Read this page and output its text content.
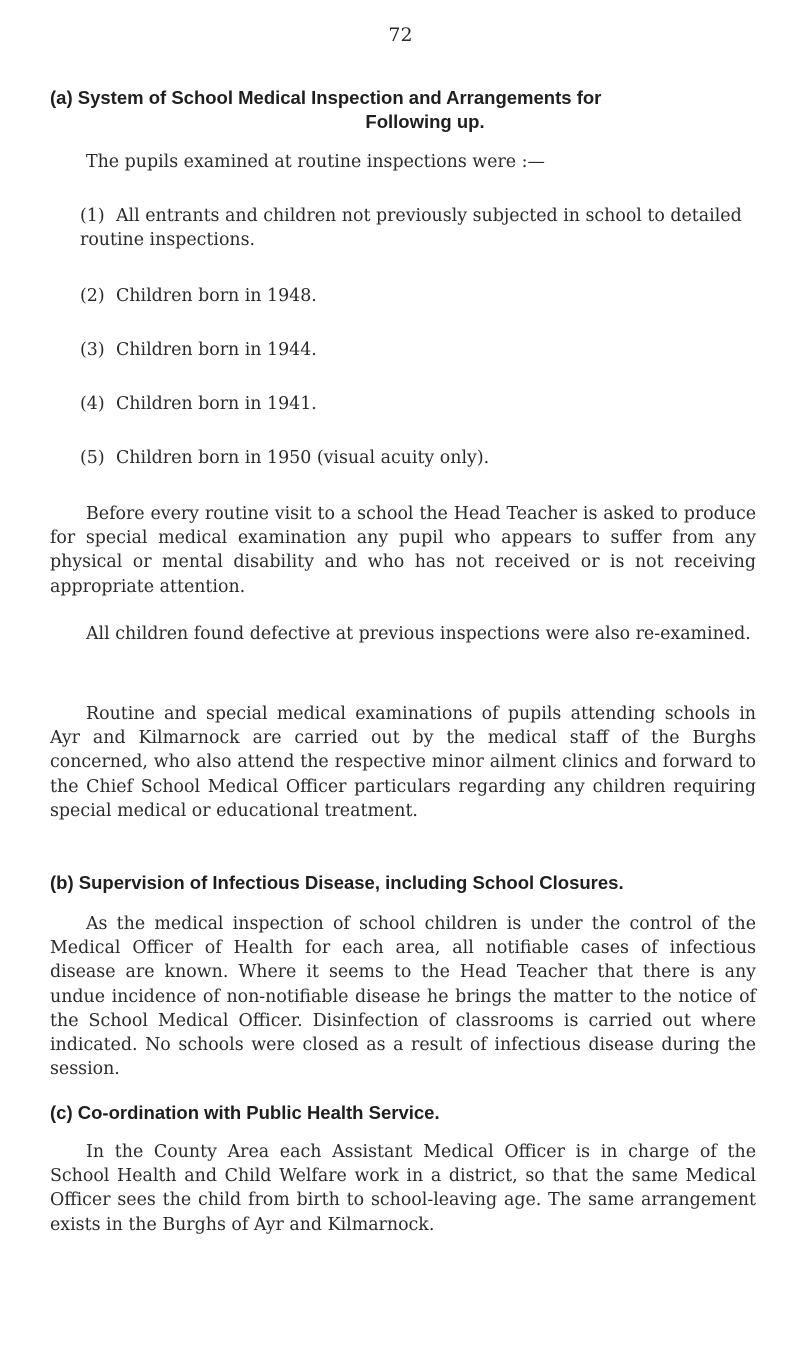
72
(a) System of School Medical Inspection and Arrangements for
Following up.
The pupils examined at routine inspections were :—
(1) All entrants and children not previously subjected in school to detailed routine inspections.
(2) Children born in 1948.
(3) Children born in 1944.
(4) Children born in 1941.
(5) Children born in 1950 (visual acuity only).
Before every routine visit to a school the Head Teacher is asked to produce for special medical examination any pupil who appears to suffer from any physical or mental disability and who has not received or is not receiving appropriate attention.
All children found defective at previous inspections were also re-examined.
Routine and special medical examinations of pupils attending schools in Ayr and Kilmarnock are carried out by the medical staff of the Burghs concerned, who also attend the respective minor ailment clinics and forward to the Chief School Medical Officer particulars regarding any children requiring special medical or educational treatment.
(b) Supervision of Infectious Disease, including School Closures.
As the medical inspection of school children is under the control of the Medical Officer of Health for each area, all notifiable cases of infectious disease are known. Where it seems to the Head Teacher that there is any undue incidence of non-notifiable disease he brings the matter to the notice of the School Medical Officer. Disinfection of classrooms is carried out where indicated. No schools were closed as a result of infectious disease during the session.
(c) Co-ordination with Public Health Service.
In the County Area each Assistant Medical Officer is in charge of the School Health and Child Welfare work in a district, so that the same Medical Officer sees the child from birth to school-leaving age. The same arrangement exists in the Burghs of Ayr and Kilmarnock.
